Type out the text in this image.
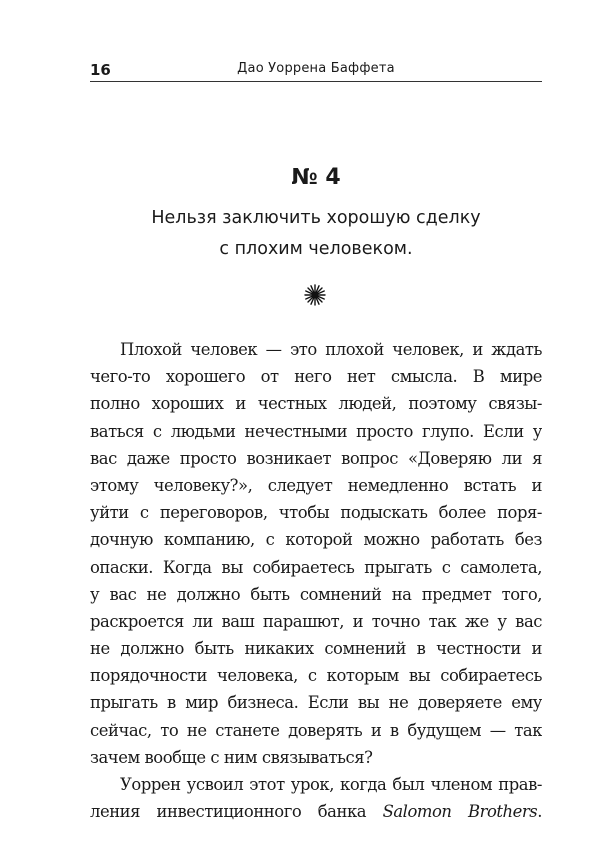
16	Дао Уоррена Баффета
№ 4
Нельзя заключить хорошую сделку
с плохим человеком.
Плохой человек — это плохой человек, и ждать
чего-то хорошего от него нет смысла. В мире
полно хороших и честных людей, поэтому связы-
ваться с людьми нечестными просто глупо. Если у
вас даже просто возникает вопрос «Доверяю ли я
этому человеку?», следует немедленно встать и
уйти с переговоров, чтобы подыскать более поря-
дочную компанию, с которой можно работать без
опаски. Когда вы собираетесь прыгать с самолета,
у вас не должно быть сомнений на предмет того,
раскроется ли ваш парашют, и точно так же у вас
не должно быть никаких сомнений в честности и
порядочности человека, с которым вы собираетесь
прыгать в мир бизнеса. Если вы не доверяете ему
сейчас, то не станете доверять и в будущем — так
зачем вообще с ним связываться?
Уоррен усвоил этот урок, когда был членом прав-
ления инвестиционного банка Salomon Brothers.
